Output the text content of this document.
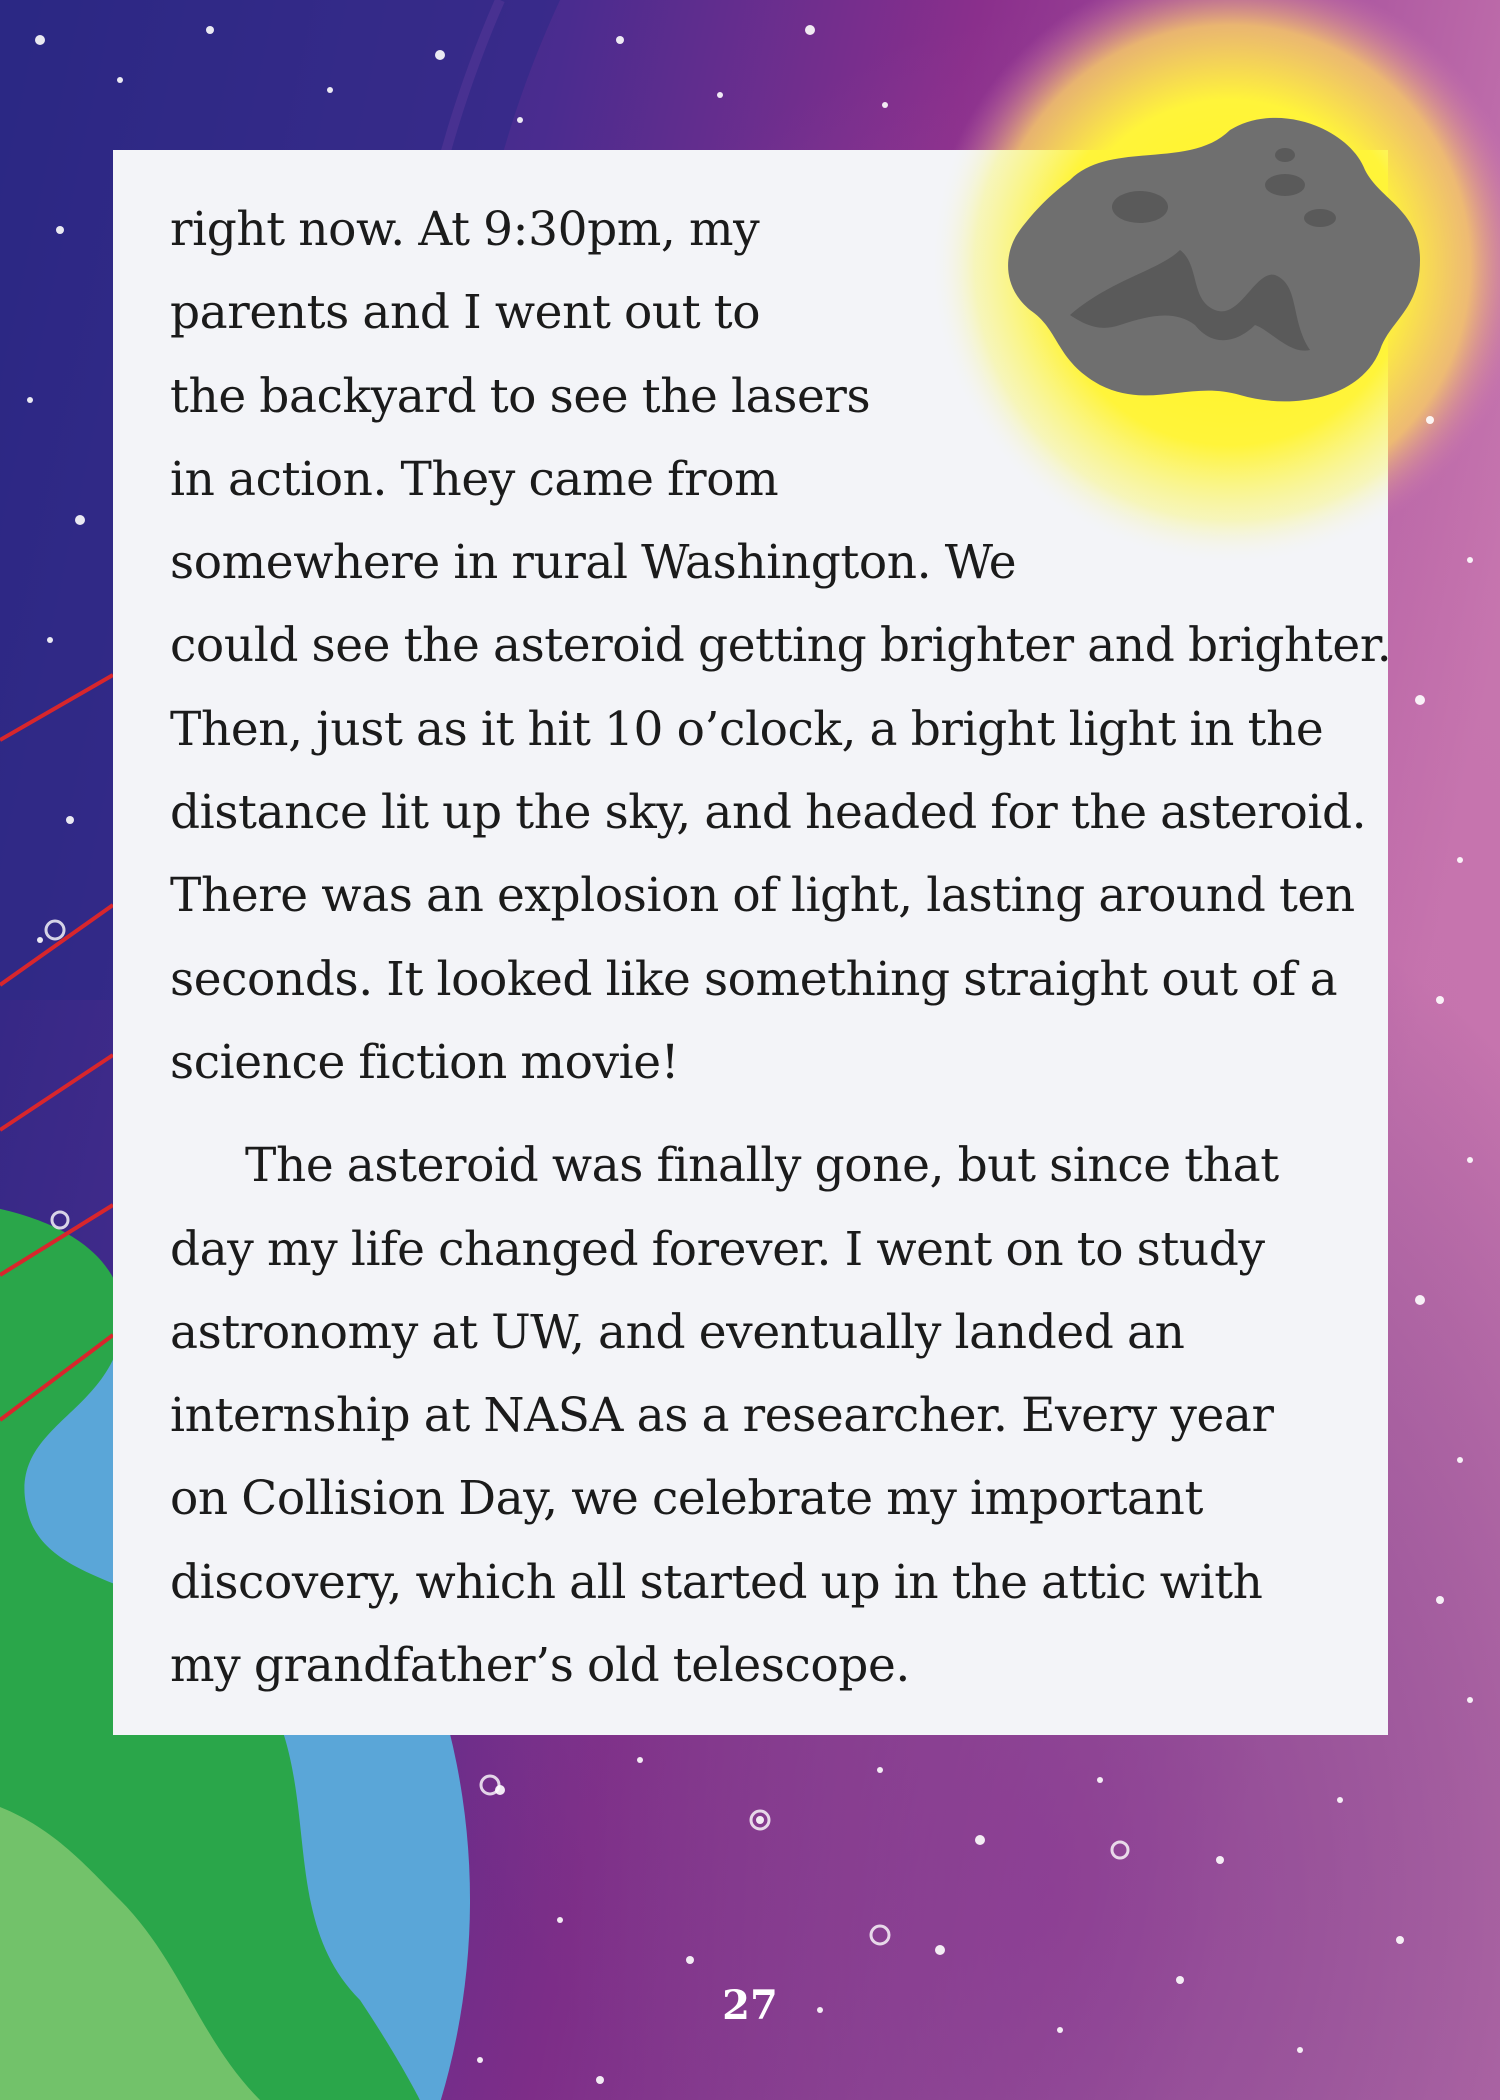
right now. At 9:30pm, my
parents and I went out to
the backyard to see the lasers
in action. They came from
somewhere in rural Washington. We
could see the asteroid getting brighter and brighter.
Then, just as it hit 10 o’clock, a bright light in the
distance lit up the sky, and headed for the asteroid.
There was an explosion of light, lasting around ten
seconds. It looked like something straight out of a
science fiction movie!
The asteroid was finally gone, but since that
day my life changed forever. I went on to study
astronomy at UW, and eventually landed an
internship at NASA as a researcher. Every year
on Collision Day, we celebrate my important
discovery, which all started up in the attic with
my grandfather’s old telescope.
27
